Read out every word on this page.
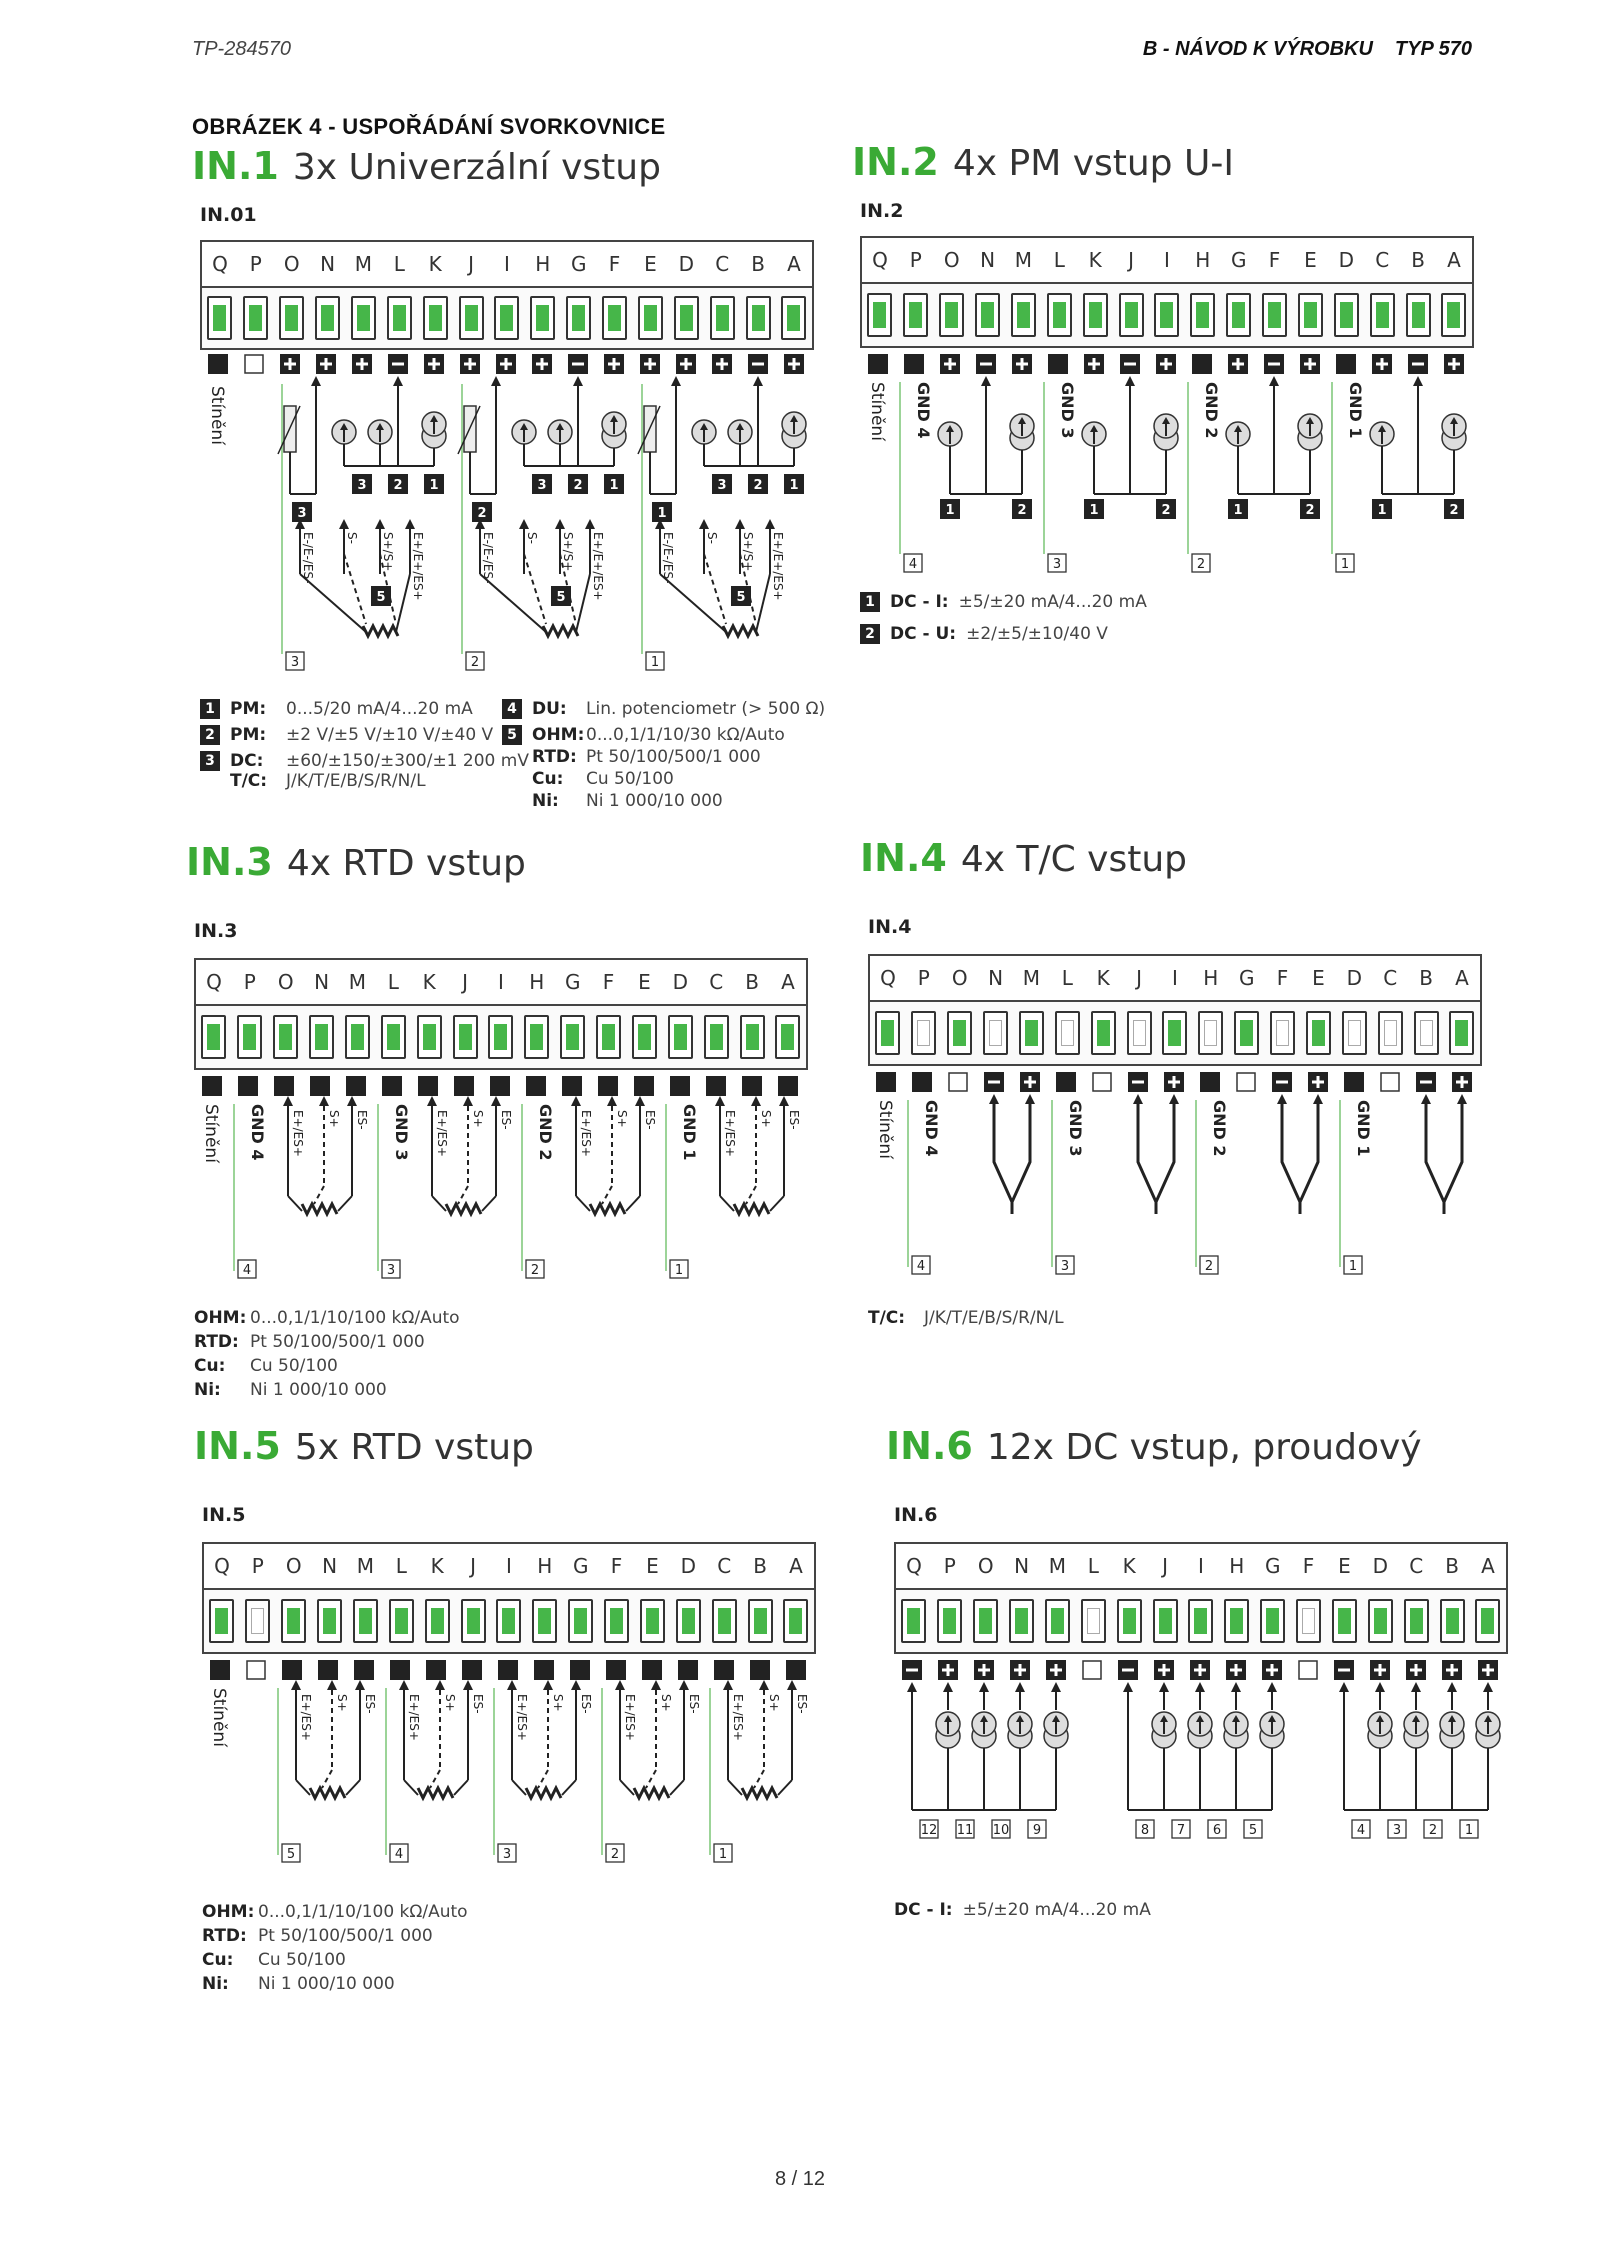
TP-284570	B - NÁVOD K VÝROBKU TYP 570
OBRÁZEK 4 - USPOŘÁDÁNÍ SVORKOVNICE
IN.1 3x Univerzální vstup
IN.01
Q	P	O	N M	L	K	J	I	H	G	F	E	D	C	B	A
Stínění
3
E-/E-/ES-	S- S+/S+ E+/E+/ES+
5
3
2
E-/E-/ES-	S- S+/S+ E+/E+/ES+
5
2
1
E-/E-/ES-	S- S+/S+ E+/E+/ES+
5
1
3 2 1	3 2 1	3 2 1
1 PM:	0...5/20 mA/4...20 mA
2 PM:	±2 V/±5 V/±10 V/±40 V
3 DC:	±60/±150/±300/±1 200 mV
T/C:	J/K/T/E/B/S/R/N/L
4 DU:	Lin. potenciometr (> 500 Ω)
5 OHM: 0...0,1/1/10/30 kΩ/Auto
RTD: Pt 50/100/500/1 000
Cu:	Cu 50/100
Ni:	Ni 1 000/10 000
IN.2 4x PM vstup U-I
IN.2
Q	P	O	N M	L	K	J	I	H	G	F	E	D	C	B	A
Stínění GND 4
1	2
4
GND 3
1	2
3
GND 2
1	2
2
GND 1
1	2
1
1 DC - I: ±5/±20 mA/4...20 mA
2 DC - U: ±2/±5/±10/40 V
IN.3 4x RTD vstup
IN.3
Q	P	O	N M	L	K	J	I	H	G	F	E	D	C	B	A
Stínění GND 4 E+/ES+ S+ ES-
4
GND 3 E+/ES+ S+ ES-
3
GND 2 E+/ES+ S+ ES-
2
GND 1 E+/ES+ S+ ES-
1
OHM: 0...0,1/1/10/100 kΩ/Auto
RTD: Pt 50/100/500/1 000
Cu:	Cu 50/100
Ni:	Ni 1 000/10 000
IN.4 4x T/C vstup
IN.4
Q	P	O	N M	L	K	J	I	H	G	F	E	D	C	B	A
Stínění GND 4
4
GND 3
3
GND 2
2
GND 1
1
T/C:	J/K/T/E/B/S/R/N/L
IN.5 5x RTD vstup
IN.5
Q	P	O	N M	L	K	J	I	H	G	F	E	D	C	B	A
Stínění	E+/ES+ S+ ES-
5
E+/ES+ S+ ES-
4
E+/ES+ S+ ES-
3
E+/ES+ S+ ES-
2
E+/ES+ S+ ES-
1
OHM: 0...0,1/1/10/100 kΩ/Auto
RTD: Pt 50/100/500/1 000
Cu:	Cu 50/100
Ni:	Ni 1 000/10 000
IN.6 12x DC vstup, proudový
IN.6
Q	P	O	N M	L	K	J	I	H	G	F	E	D	C	B	A
12 11 10 9	8 7 6 5	4 3 2 1
DC - I: ±5/±20 mA/4...20 mA
8 / 12
